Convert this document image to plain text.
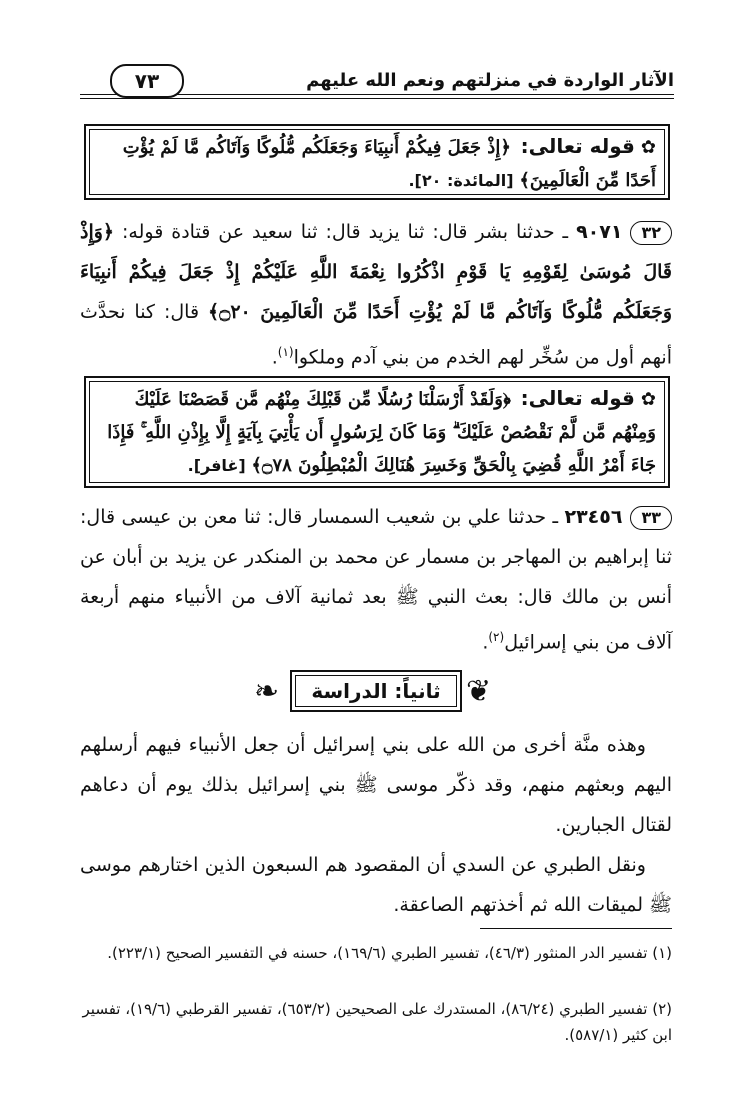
الآثار الواردة في منزلتهم ونعم الله عليهم
٧٣
✿قوله تعالى: ﴿إِذْ جَعَلَ فِيكُمْ أَنبِيَاءَ وَجَعَلَكُم مُّلُوكًا وَآتَاكُم مَّا لَمْ يُؤْتِ أَحَدًا مِّنَ الْعَالَمِينَ﴾ [المائدة: ٢٠].
٣٢٩٠٧١ ـ حدثنا بشر قال: ثنا يزيد قال: ثنا سعيد عن قتادة قوله: ﴿وَإِذْ قَالَ مُوسَىٰ لِقَوْمِهِ يَا قَوْمِ اذْكُرُوا نِعْمَةَ اللَّهِ عَلَيْكُمْ إِذْ جَعَلَ فِيكُمْ أَنبِيَاءَ وَجَعَلَكُم مُّلُوكًا وَآتَاكُم مَّا لَمْ يُؤْتِ أَحَدًا مِّنَ الْعَالَمِينَ ۝٢٠﴾ قال: كنا نحدَّث أنهم أول من سُخِّر لهم الخدم من بني آدم وملكوا$^{(١)}$.
✿قوله تعالى: ﴿وَلَقَدْ أَرْسَلْنَا رُسُلًا مِّن قَبْلِكَ مِنْهُم مَّن قَصَصْنَا عَلَيْكَ وَمِنْهُم مَّن لَّمْ نَقْصُصْ عَلَيْكَ ۗ وَمَا كَانَ لِرَسُولٍ أَن يَأْتِيَ بِآيَةٍ إِلَّا بِإِذْنِ اللَّهِ ۚ فَإِذَا جَاءَ أَمْرُ اللَّهِ قُضِيَ بِالْحَقِّ وَخَسِرَ هُنَالِكَ الْمُبْطِلُونَ ۝٧٨﴾ [غافر].
٣٣٢٣٤٥٦ ـ حدثنا علي بن شعيب السمسار قال: ثنا معن بن عيسى قال: ثنا إبراهيم بن المهاجر بن مسمار عن محمد بن المنكدر عن يزيد بن أبان عن أنس بن مالك قال: بعث النبي ﷺ بعد ثمانية آلاف من الأنبياء منهم أربعة آلاف من بني إسرائيل$^{(٢)}$.
❦
ثانياً: الدراسة
❧
وهذه منَّة أخرى من الله على بني إسرائيل أن جعل الأنبياء فيهم أرسلهم اليهم وبعثهم منهم، وقد ذكّر موسى ﷺ بني إسرائيل بذلك يوم أن دعاهم لقتال الجبارين.
ونقل الطبري عن السدي أن المقصود هم السبعون الذين اختارهم موسى ﷺ لميقات الله ثم أخذتهم الصاعقة.
(١) تفسير الدر المنثور (٤٦/٣)، تفسير الطبري (١٦٩/٦)، حسنه في التفسير الصحيح (٢٢٣/١).
(٢) تفسير الطبري (٨٦/٢٤)، المستدرك على الصحيحين (٦٥٣/٢)، تفسير القرطبي (١٩/٦)، تفسير ابن كثير (٥٨٧/١).
